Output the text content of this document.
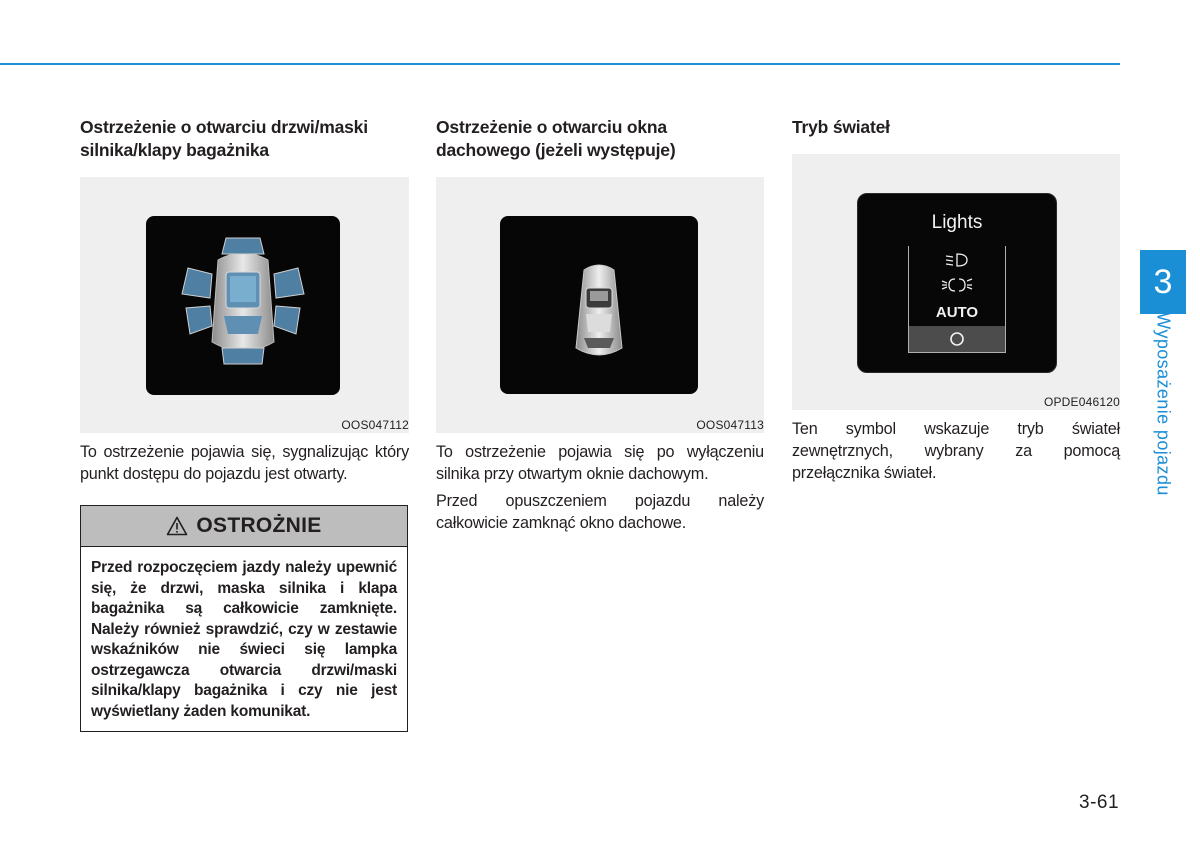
Ostrzeżenie o otwarciu drzwi/maski silnika/klapy bagażnika
OOS047112

To ostrzeżenie pojawia się, sygnalizując który punkt dostępu do pojazdu jest otwarty.

OSTROŻNIE

Przed rozpoczęciem jazdy należy upewnić się, że drzwi, maska silnika i klapa bagażnika są całkowicie zamknięte. Należy również sprawdzić, czy w zestawie wskaźników nie świeci się lampka ostrzegawcza otwarcia drzwi/maski silnika/klapy bagażnika i czy nie jest wyświetlany żaden komunikat.

Ostrzeżenie o otwarciu okna dachowego (jeżeli występuje)
OOS047113

To ostrzeżenie pojawia się po wyłączeniu silnika przy otwartym oknie dachowym.

Przed opuszczeniem pojazdu należy całkowicie zamknąć okno dachowe.

Tryb świateł
Lights
AUTO
OPDE046120

Ten symbol wskazuje tryb świateł zewnętrznych, wybrany za pomocą przełącznika świateł.

3
Wyposażenie pojazdu
3-61
